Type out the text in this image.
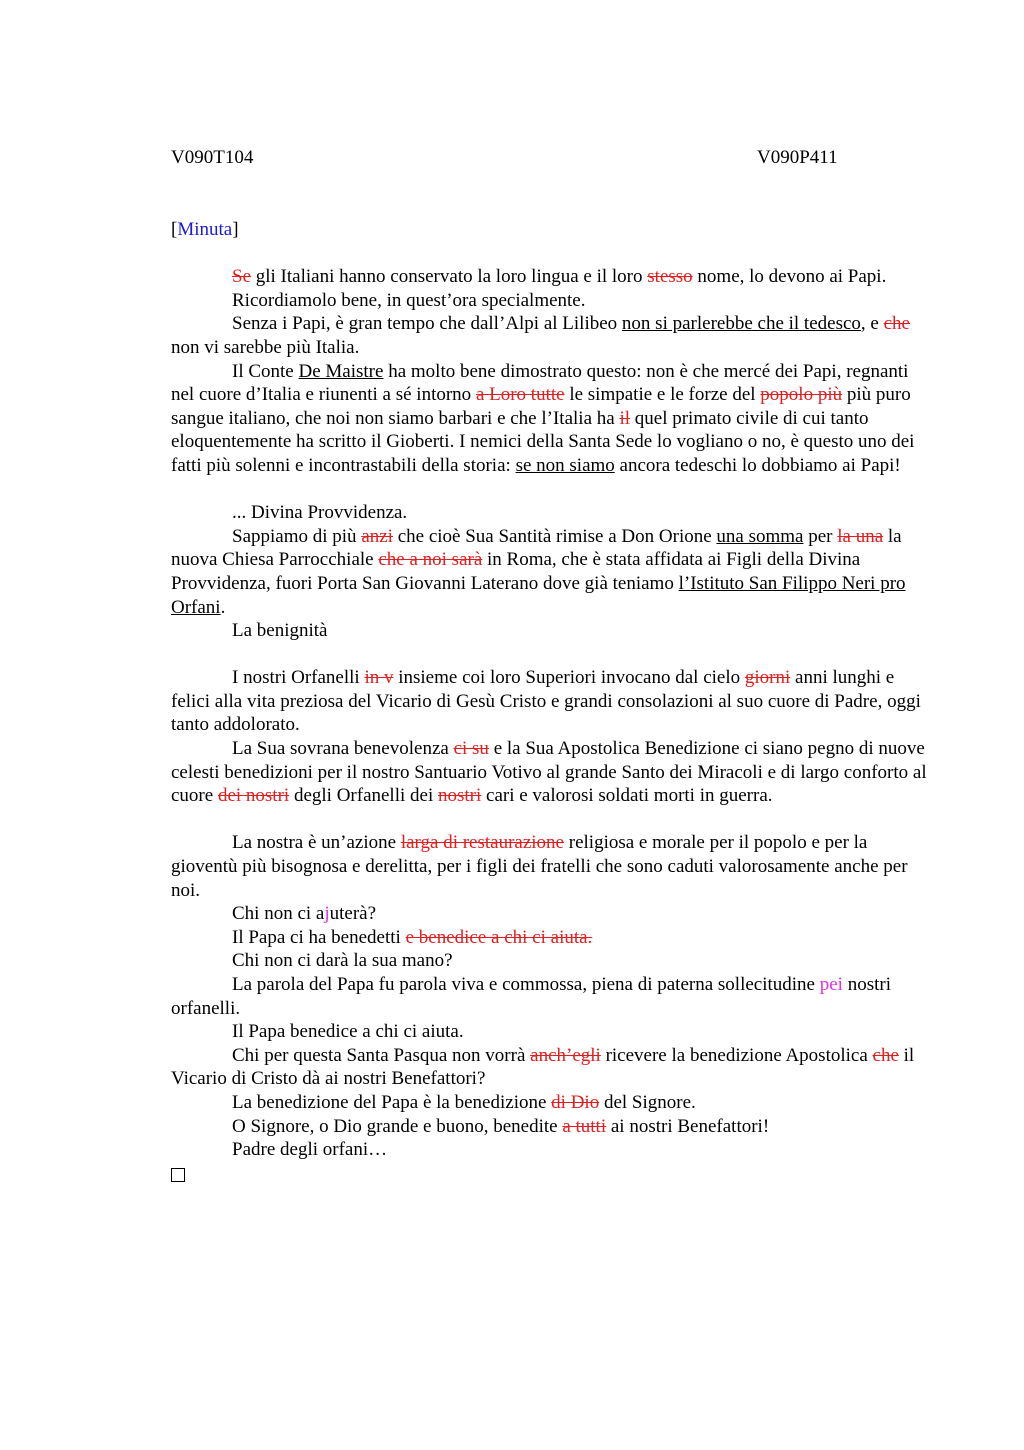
V090T104	V090P411

[Minuta]

Se gli Italiani hanno conservato la loro lingua e il loro stesso nome, lo devono ai Papi.

Ricordiamolo bene, in quest’ora specialmente.

Senza i Papi, è gran tempo che dall’Alpi al Lilibeo non si parlerebbe che il tedesco, e che non vi sarebbe più Italia.

Il Conte De Maistre ha molto bene dimostrato questo: non è che mercé dei Papi, regnanti nel cuore d’Italia e riunenti a sé intorno a Loro tutte le simpatie e le forze del popolo più più puro sangue italiano, che noi non siamo barbari e che l’Italia ha il quel primato civile di cui tanto eloquentemente ha scritto il Gioberti. I nemici della Santa Sede lo vogliano o no, è questo uno dei fatti più solenni e incontrastabili della storia: se non siamo ancora tedeschi lo dobbiamo ai Papi!

... Divina Provvidenza.

Sappiamo di più anzi che cioè Sua Santità rimise a Don Orione una somma per la una la nuova Chiesa Parrocchiale che a noi sarà in Roma, che è stata affidata ai Figli della Divina Provvidenza, fuori Porta San Giovanni Laterano dove già teniamo l’Istituto San Filippo Neri pro Orfani.

La benignità

I nostri Orfanelli in v insieme coi loro Superiori invocano dal cielo giorni anni lunghi e felici alla vita preziosa del Vicario di Gesù Cristo e grandi consolazioni al suo cuore di Padre, oggi tanto addolorato.

La Sua sovrana benevolenza ci su e la Sua Apostolica Benedizione ci siano pegno di nuove celesti benedizioni per il nostro Santuario Votivo al grande Santo dei Miracoli e di largo conforto al cuore dei nostri degli Orfanelli dei nostri cari e valorosi soldati morti in guerra.

La nostra è un’azione larga di restaurazione religiosa e morale per il popolo e per la gioventù più bisognosa e derelitta, per i figli dei fratelli che sono caduti valorosamente anche per noi.

Chi non ci ajuterà?

Il Papa ci ha benedetti e benedice a chi ci aiuta.

Chi non ci darà la sua mano?

La parola del Papa fu parola viva e commossa, piena di paterna sollecitudine pei nostri orfanelli.

Il Papa benedice a chi ci aiuta.

Chi per questa Santa Pasqua non vorrà anch’egli ricevere la benedizione Apostolica che il Vicario di Cristo dà ai nostri Benefattori?

La benedizione del Papa è la benedizione di Dio del Signore.

O Signore, o Dio grande e buono, benedite a tutti ai nostri Benefattori!

Padre degli orfani…
